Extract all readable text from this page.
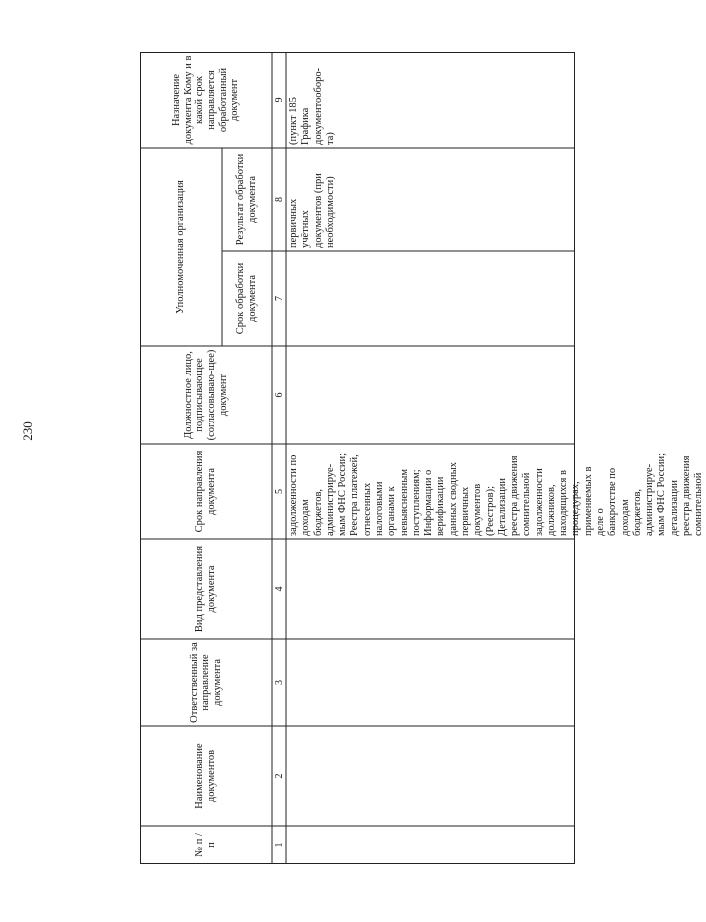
230
№ п / п
Наименование документов
Ответственный за направление документа
Вид представления документа
Срок направления документа
Должностное лицо, подписывающее (согласовываю-щее) документ
Уполномоченная организация	Срок обработки документа
Результат обработки документа
Назначение документа Кому и в какой срок направляется обработанный документ
1
2
3
4
5
6
7
8
9
задолженности по доходам бюджетов, администрируе- мым ФНС России; Реестра платежей, отнесенных налоговыми органами к невыясненным поступлениям; Информации о верификации данных сводных первичных документов (Реестров); Детализации реестра движения сомнительной задолженности должников, находящихся в процедурах, применяемых в деле о банкротстве по доходам бюджетов, администрируе- мым ФНС России; детализации реестра движения сомнительной
первичных учётных документов (при необходимости)
(пункт 185 Графика документооборо- та)
